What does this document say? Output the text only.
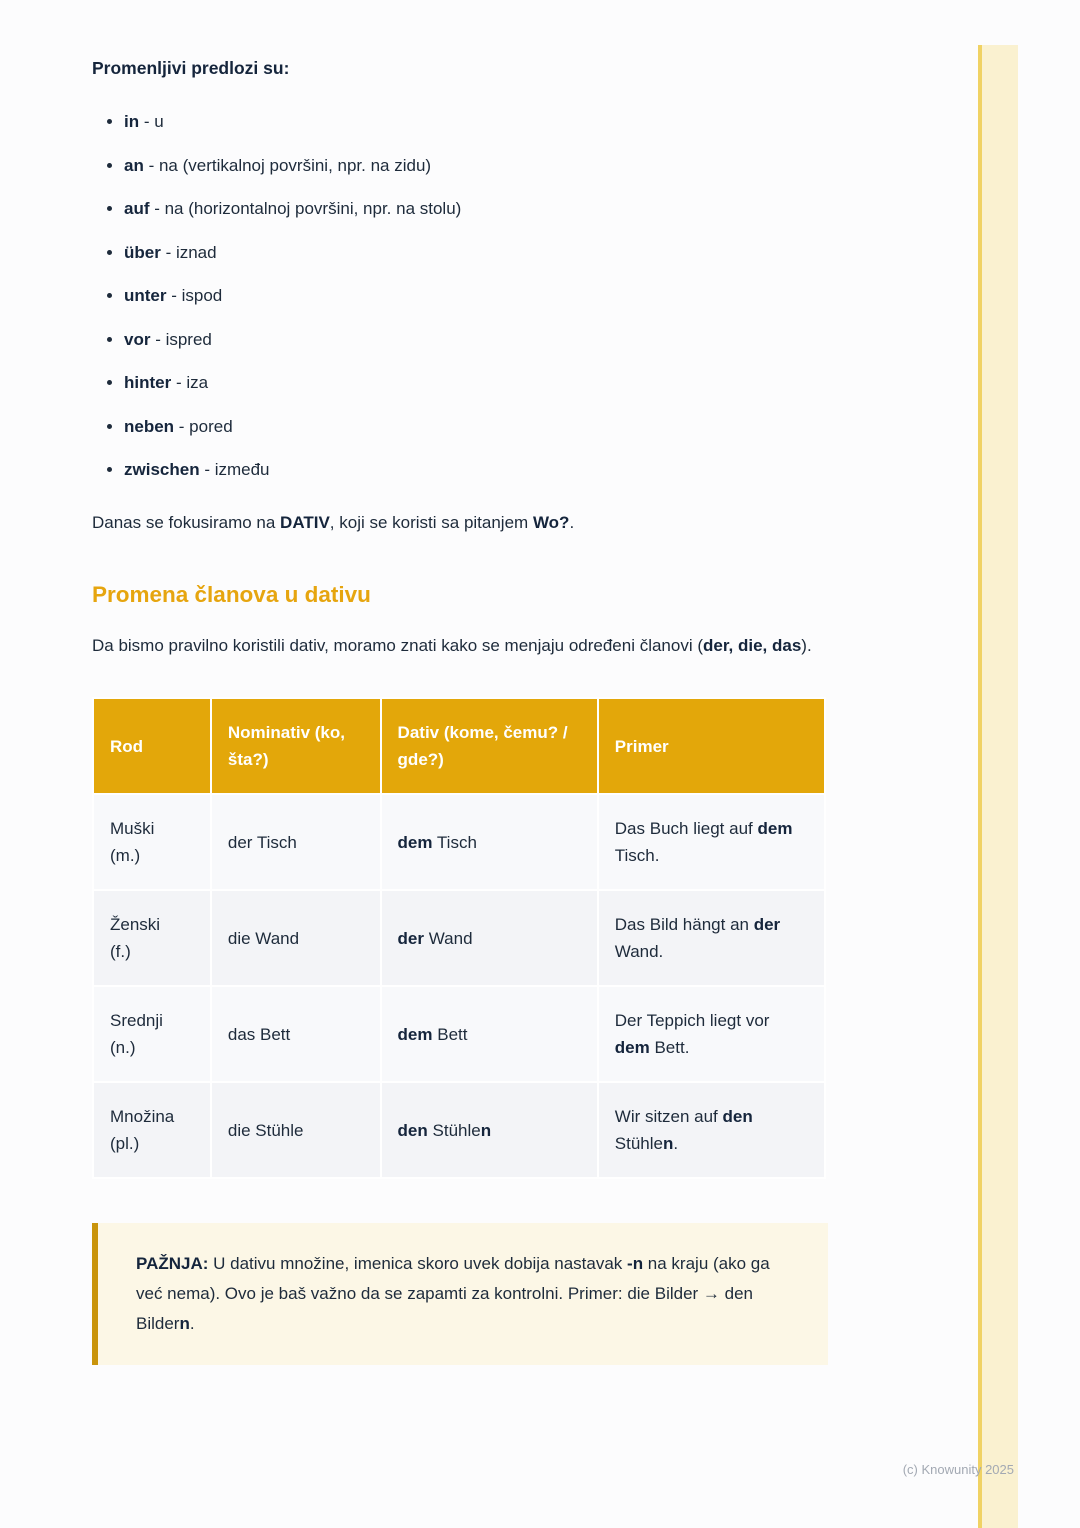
Promenljivi predlozi su:

• in - u
• an - na (vertikalnoj površini, npr. na zidu)
• auf - na (horizontalnoj površini, npr. na stolu)
• über - iznad
• unter - ispod
• vor - ispred
• hinter - iza
• neben - pored
• zwischen - između

Danas se fokusiramo na DATIV, koji se koristi sa pitanjem Wo?.

Promena članova u dativu

Da bismo pravilno koristili dativ, moramo znati kako se menjaju određeni članovi (der, die, das).

Rod	Nominativ (ko, šta?)	Dativ (kome, čemu? / gde?)	Primer

Muški
(m.)	der Tisch	dem Tisch	Das Buch liegt auf dem Tisch.

Ženski
(f.)	die Wand	der Wand	Das Bild hängt an der Wand.

Srednji
(n.)	das Bett	dem Bett	Der Teppich liegt vor dem Bett.

Množina
(pl.)	die Stühle	den Stühlen	Wir sitzen auf den Stühlen.
PAŽNJA: U dativu množine, imenica skoro uvek dobija nastavak -n na kraju (ako ga već nema). Ovo je baš važno da se zapamti za kontrolni. Primer: die Bilder → den Bildern.
(c) Knowunity 2025
